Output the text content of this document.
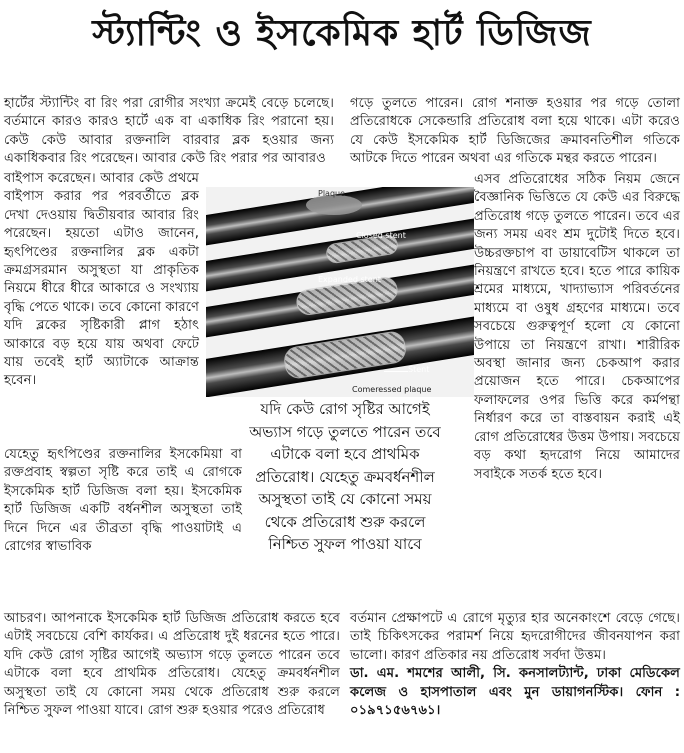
স্ট্যান্টিং ও ইসকেমিক হার্ট ডিজিজ

হার্টের স্ট্যান্টিং বা রিং পরা রোগীর সংখ্যা ক্রমেই বেড়ে চলেছে। বর্তমানে কারও কারও হার্টে এক বা একাধিক রিং পরানো হয়। কেউ কেউ আবার রক্তনালি বারবার ব্লক হওয়ার জন্য একাধিকবার রিং পরেছেন। আবার কেউ রিং পরার পর আবারও

বাইপাস করেছেন। আবার কেউ প্রথমে বাইপাস করার পর পরবর্তীতে ব্লক দেখা দেওয়ায় দ্বিতীয়বার আবার রিং পরেছেন। হয়তো এটাও জানেন, হৃৎপিণ্ডের রক্তনালির ব্লক একটা ক্রমগ্রসরমান অসুস্থতা যা প্রাকৃতিক নিয়মে ধীরে ধীরে আকারে ও সংখ্যায় বৃদ্ধি পেতে থাকে। তবে কোনো কারণে যদি ব্লকের সৃষ্টিকারী প্লাগ হঠাৎ আকারে বড় হয়ে যায় অথবা ফেটে যায় তবেই হার্ট অ্যাটাকে আক্রান্ত হবেন।

যেহেতু হৃৎপিণ্ডের রক্তনালির ইসকেমিয়া বা রক্তপ্রবাহ স্বল্পতা সৃষ্টি করে তাই এ রোগকে ইসকেমিক হার্ট ডিজিজ বলা হয়। ইসকেমিক হার্ট ডিজিজ একটি বর্ধনশীল অসুস্থতা তাই দিনে দিনে এর তীব্রতা বৃদ্ধি পাওয়াটাই এ রোগের স্বাভাবিক

আচরণ। আপনাকে ইসকেমিক হার্ট ডিজিজ প্রতিরোধ করতে হবে এটাই সবচেয়ে বেশি কার্যকর। এ প্রতিরোধ দুই ধরনের হতে পারে। যদি কেউ রোগ সৃষ্টির আগেই অভ্যাস গড়ে তুলতে পারেন তবে এটাকে বলা হবে প্রাথমিক প্রতিরোধ। যেহেতু ক্রমবর্ধনশীল অসুস্থতা তাই যে কোনো সময় থেকে প্রতিরোধ শুরু করলে নিশ্চিত সুফল পাওয়া যাবে। রোগ শুরু হওয়ার পরেও প্রতিরোধ

গড়ে তুলতে পারেন। রোগ শনাক্ত হওয়ার পর গড়ে তোলা প্রতিরোধকে সেকেন্ডারি প্রতিরোধ বলা হয়ে থাকে। এটা করেও যে কেউ ইসকেমিক হার্ট ডিজিজের ক্রমাবনতিশীল গতিকে আটকে দিতে পারেন অথবা এর গতিকে মন্থর করতে পারেন।

এসব প্রতিরোধের সঠিক নিয়ম জেনে বৈজ্ঞানিক ভিত্তিতে যে কেউ এর বিরুদ্ধে প্রতিরোধ গড়ে তুলতে পারেন। তবে এর জন্য সময় এবং শ্রম দুটোই দিতে হবে। উচ্চরক্তচাপ বা ডায়াবেটিস থাকলে তা নিয়ন্ত্রণে রাখতে হবে। হতে পারে কায়িক শ্রমের মাধ্যমে, খাদ্যাভ্যাস পরিবর্তনের মাধ্যমে বা ওষুধ গ্রহণের মাধ্যমে। তবে সবচেয়ে গুরুত্বপূর্ণ হলো যে কোনো উপায়ে তা নিয়ন্ত্রণে রাখা। শারীরিক অবস্থা জানার জন্য চেকআপ করার প্রয়োজন হতে পারে। চেকআপের ফলাফলের ওপর ভিত্তি করে কর্মপন্থা নির্ধারণ করে তা বাস্তবায়ন করাই এই রোগ প্রতিরোধের উত্তম উপায়। সবচেয়ে বড় কথা হৃদরোগ নিয়ে আমাদের সবাইকে সতর্ক হতে হবে।

বর্তমান প্রেক্ষাপটে এ রোগে মৃত্যুর হার অনেকাংশে বেড়ে গেছে। তাই চিকিৎসকের পরামর্শ নিয়ে হৃদরোগীদের জীবনযাপন করা ভালো। কারণ প্রতিকার নয় প্রতিরোধ সর্বদা উত্তম।

ডা. এম. শমশের আলী, সি. কনসালট্যান্ট, ঢাকা মেডিকেল কলেজ ও হাসপাতাল এবং মুন ডায়াগনস্টিক। ফোন : ০১৯৭১৫৬৭৬১।

Plaque
Closed stent
Expanded stent
Stent
Comeressed plaque
যদি কেউ রোগ সৃষ্টির আগেই অভ্যাস গড়ে তুলতে পারেন তবে এটাকে বলা হবে প্রাথমিক প্রতিরোধ। যেহেতু ক্রমবর্ধনশীল অসুস্থতা তাই যে কোনো সময় থেকে প্রতিরোধ শুরু করলে নিশ্চিত সুফল পাওয়া যাবে
